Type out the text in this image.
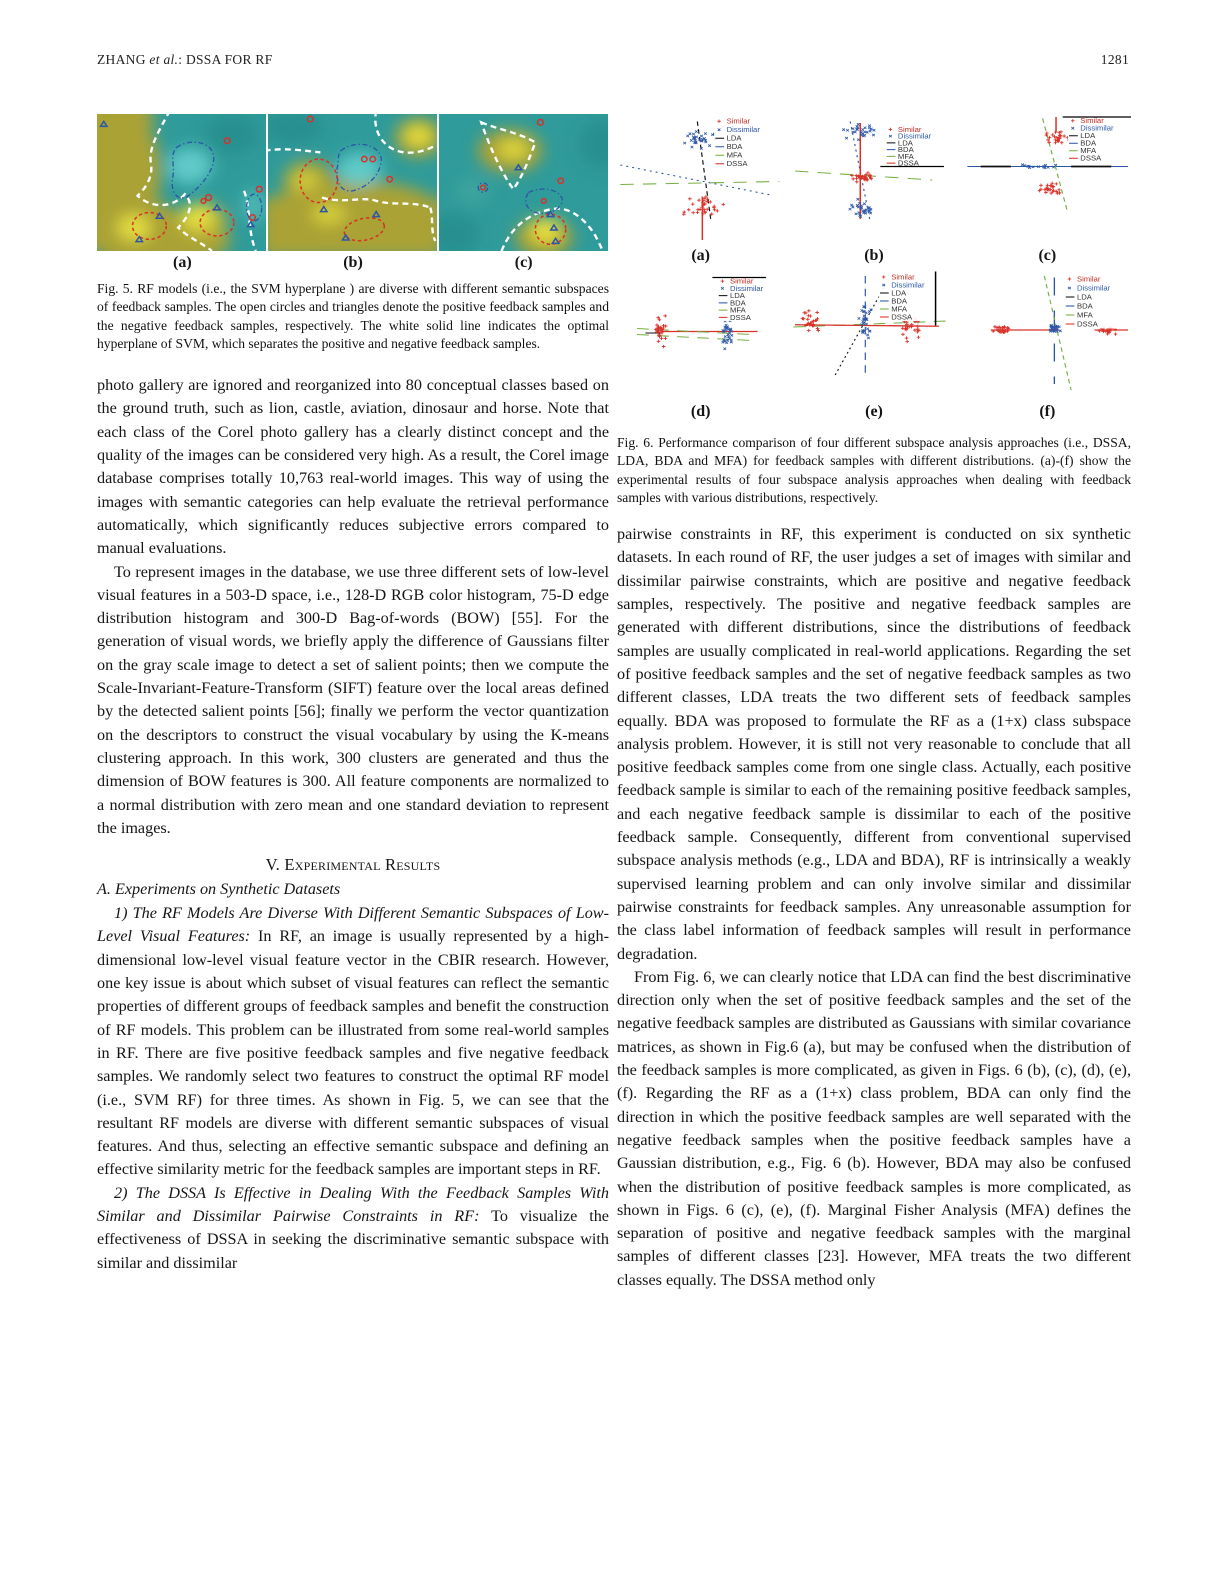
ZHANG et al.: DSSA FOR RF	1281
(a)	(b)	(c)
Fig. 5. RF models (i.e., the SVM hyperplane ) are diverse with different semantic subspaces of feedback samples. The open circles and triangles denote the positive feedback samples and the negative feedback samples, respectively. The white solid line indicates the optimal hyperplane of SVM, which separates the positive and negative feedback samples.

photo gallery are ignored and reorganized into 80 conceptual classes based on the ground truth, such as lion, castle, aviation, dinosaur and horse. Note that each class of the Corel photo gallery has a clearly distinct concept and the quality of the images can be considered very high. As a result, the Corel image database comprises totally 10,763 real-world images. This way of using the images with semantic categories can help evaluate the retrieval performance automatically, which significantly reduces subjective errors compared to manual evaluations.

To represent images in the database, we use three different sets of low-level visual features in a 503-D space, i.e., 128-D RGB color histogram, 75-D edge distribution histogram and 300-D Bag-of-words (BOW) [55]. For the generation of visual words, we briefly apply the difference of Gaussians filter on the gray scale image to detect a set of salient points; then we compute the Scale-Invariant-Feature-Transform (SIFT) feature over the local areas defined by the detected salient points [56]; finally we perform the vector quantization on the descriptors to construct the visual vocabulary by using the K-means clustering approach. In this work, 300 clusters are generated and thus the dimension of BOW features is 300. All feature components are normalized to a normal distribution with zero mean and one standard deviation to represent the images.

V. Experimental Results
A. Experiments on Synthetic Datasets

1) The RF Models Are Diverse With Different Semantic Subspaces of Low-Level Visual Features: In RF, an image is usually represented by a high-dimensional low-level visual feature vector in the CBIR research. However, one key issue is about which subset of visual features can reflect the semantic properties of different groups of feedback samples and benefit the construction of RF models. This problem can be illustrated from some real-world samples in RF. There are five positive feedback samples and five negative feedback samples. We randomly select two features to construct the optimal RF model (i.e., SVM RF) for three times. As shown in Fig. 5, we can see that the resultant RF models are diverse with different semantic subspaces of visual features. And thus, selecting an effective semantic subspace and defining an effective similarity metric for the feedback samples are important steps in RF.

2) The DSSA Is Effective in Dealing With the Feedback Samples With Similar and Dissimilar Pairwise Constraints in RF: To visualize the effectiveness of DSSA in seeking the discriminative semantic subspace with similar and dissimilar

Similar
Dissimilar
LDA
BDA
MFA
DSSA
(a)
Similar
Dissimilar
LDA
BDA
MFA
DSSA
(b)
Similar
Dissimilar
LDA
BDA
MFA
DSSA
(c)
Similar
Dissimilar
LDA
BDA
MFA
DSSA
(d)
Similar
Dissimilar
LDA
BDA
MFA
DSSA
(e)
Similar
Dissimilar
LDA
BDA
MFA
DSSA
(f)
Fig. 6. Performance comparison of four different subspace analysis approaches (i.e., DSSA, LDA, BDA and MFA) for feedback samples with different distributions. (a)-(f) show the experimental results of four subspace analysis approaches when dealing with feedback samples with various distributions, respectively.

pairwise constraints in RF, this experiment is conducted on six synthetic datasets. In each round of RF, the user judges a set of images with similar and dissimilar pairwise constraints, which are positive and negative feedback samples, respectively. The positive and negative feedback samples are generated with different distributions, since the distributions of feedback samples are usually complicated in real-world applications. Regarding the set of positive feedback samples and the set of negative feedback samples as two different classes, LDA treats the two different sets of feedback samples equally. BDA was proposed to formulate the RF as a (1+x) class subspace analysis problem. However, it is still not very reasonable to conclude that all positive feedback samples come from one single class. Actually, each positive feedback sample is similar to each of the remaining positive feedback samples, and each negative feedback sample is dissimilar to each of the positive feedback sample. Consequently, different from conventional supervised subspace analysis methods (e.g., LDA and BDA), RF is intrinsically a weakly supervised learning problem and can only involve similar and dissimilar pairwise constraints for feedback samples. Any unreasonable assumption for the class label information of feedback samples will result in performance degradation.

From Fig. 6, we can clearly notice that LDA can find the best discriminative direction only when the set of positive feedback samples and the set of the negative feedback samples are distributed as Gaussians with similar covariance matrices, as shown in Fig.6 (a), but may be confused when the distribution of the feedback samples is more complicated, as given in Figs. 6 (b), (c), (d), (e), (f). Regarding the RF as a (1+x) class problem, BDA can only find the direction in which the positive feedback samples are well separated with the negative feedback samples when the positive feedback samples have a Gaussian distribution, e.g., Fig. 6 (b). However, BDA may also be confused when the distribution of positive feedback samples is more complicated, as shown in Figs. 6 (c), (e), (f). Marginal Fisher Analysis (MFA) defines the separation of positive and negative feedback samples with the marginal samples of different classes [23]. However, MFA treats the two different classes equally. The DSSA method only
